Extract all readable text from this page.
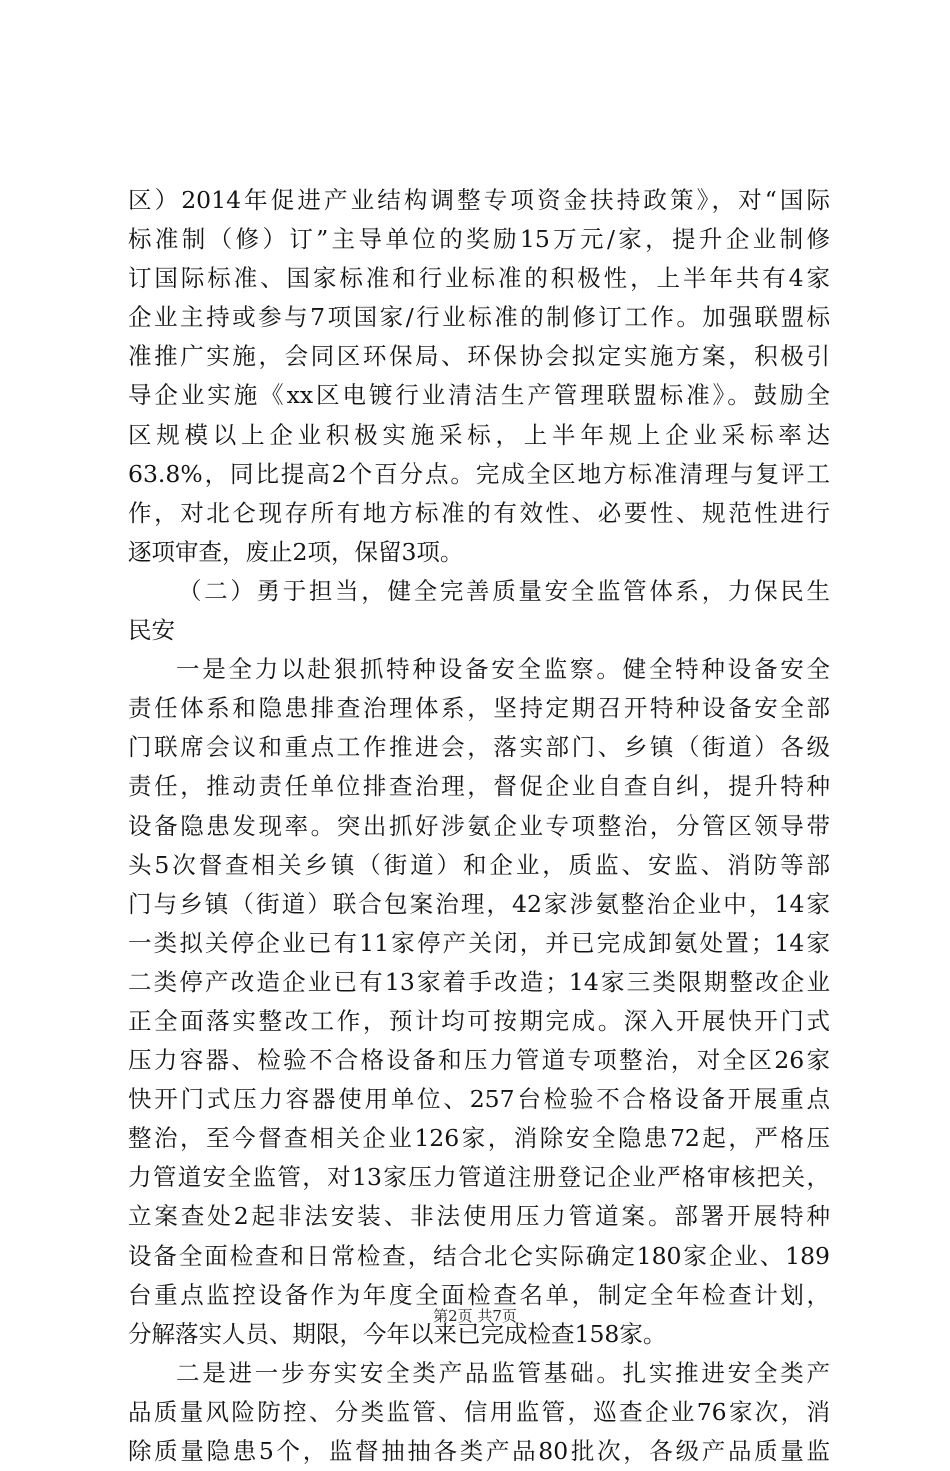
区）2014年促进产业结构调整专项资金扶持政策》，对“国际
标准制（修）订”主导单位的奖励15万元/家，提升企业制修
订国际标准、国家标准和行业标准的积极性，上半年共有4家
企业主持或参与7项国家/行业标准的制修订工作。加强联盟标
准推广实施，会同区环保局、环保协会拟定实施方案，积极引
导企业实施《xx区电镀行业清洁生产管理联盟标准》。鼓励全
区规模以上企业积极实施采标，上半年规上企业采标率达
63.8%，同比提高2个百分点。完成全区地方标准清理与复评工
作，对北仑现存所有地方标准的有效性、必要性、规范性进行
逐项审查，废止2项，保留3项。
（二）勇于担当，健全完善质量安全监管体系，力保民生
民安
一是全力以赴狠抓特种设备安全监察。健全特种设备安全
责任体系和隐患排查治理体系，坚持定期召开特种设备安全部
门联席会议和重点工作推进会，落实部门、乡镇（街道）各级
责任，推动责任单位排查治理，督促企业自查自纠，提升特种
设备隐患发现率。突出抓好涉氨企业专项整治，分管区领导带
头5次督查相关乡镇（街道）和企业，质监、安监、消防等部
门与乡镇（街道）联合包案治理，42家涉氨整治企业中，14家
一类拟关停企业已有11家停产关闭，并已完成卸氨处置；14家
二类停产改造企业已有13家着手改造；14家三类限期整改企业
正全面落实整改工作，预计均可按期完成。深入开展快开门式
压力容器、检验不合格设备和压力管道专项整治，对全区26家
快开门式压力容器使用单位、257台检验不合格设备开展重点
整治，至今督查相关企业126家，消除安全隐患72起，严格压
力管道安全监管，对13家压力管道注册登记企业严格审核把关，
立案查处2起非法安装、非法使用压力管道案。部署开展特种
设备全面检查和日常检查，结合北仑实际确定180家企业、189
台重点监控设备作为年度全面检查名单，制定全年检查计划，
分解落实人员、期限，今年以来已完成检查158家。
二是进一步夯实安全类产品监管基础。扎实推进安全类产
品质量风险防控、分类监管、信用监管，巡查企业76家次，消
除质量隐患5个，监督抽抽各类产品80批次，各级产品质量监
第2页 共7页
